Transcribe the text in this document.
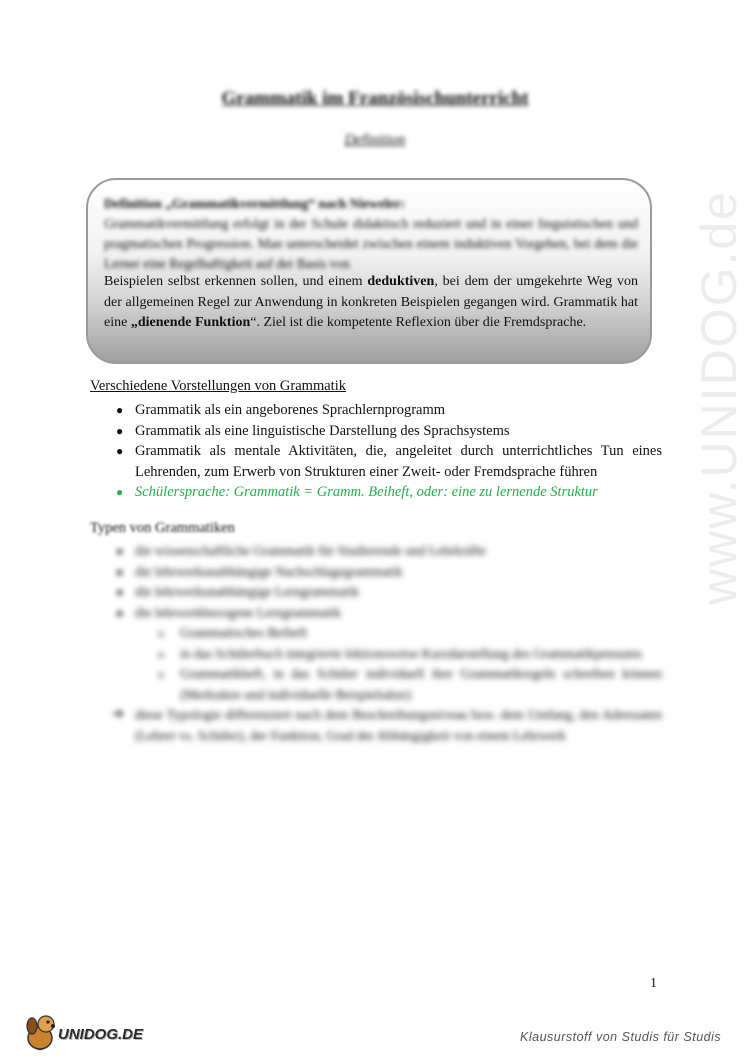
www.UNIDOG.de
Grammatik im Französischunterricht
Definition
Definition „Grammatikvermittlung“ nach Nieweler:
Grammatikvermittlung erfolgt in der Schule didaktisch reduziert und in einer linguistischen und pragmatischen Progression. Man unterscheidet zwischen einem induktiven Vorgehen, bei dem die Lerner eine Regelhaftigkeit auf der Basis von
Beispielen selbst erkennen sollen, und einem deduktiven, bei dem der umgekehrte Weg von der allgemeinen Regel zur Anwendung in konkreten Beispielen gegangen wird. Grammatik hat eine „dienende Funktion“. Ziel ist die kompetente Reflexion über die Fremdsprache.
Verschiedene Vorstellungen von Grammatik
● Grammatik als ein angeborenes Sprachlernprogramm
● Grammatik als eine linguistische Darstellung des Sprachsystems
● Grammatik als mentale Aktivitäten, die, angeleitet durch unterrichtliches Tun eines Lehrenden, zum Erwerb von Strukturen einer Zweit- oder Fremdsprache führen
● Schülersprache: Grammatik = Gramm. Beiheft, oder: eine zu lernende Struktur
Typen von Grammatiken
● die wissenschaftliche Grammatik für Studierende und Lehrkräfte
● die lehrwerkunabhängige Nachschlagegrammatik
● die lehrwerkunabhängige Lerngrammatik
● die lehrwerkbezogene Lerngrammatik
o Grammatisches Beiheft
o in das Schülerbuch integrierte lektionsweise Kurzdarstellung des Grammatikpensums
o Grammatikheft, in das Schüler individuell ihre Grammatikregeln schreiben können (Merksätze und individuelle Beispielsätze)
➜ diese Typologie differenziert nach dem Beschreibungsniveau bzw. dem Umfang, den Adressaten (Lehrer vs. Schüler), der Funktion, Grad der Abhängigkeit von einem Lehrwerk
1
UNIDOG.DE	Klausurstoff von Studis für Studis
